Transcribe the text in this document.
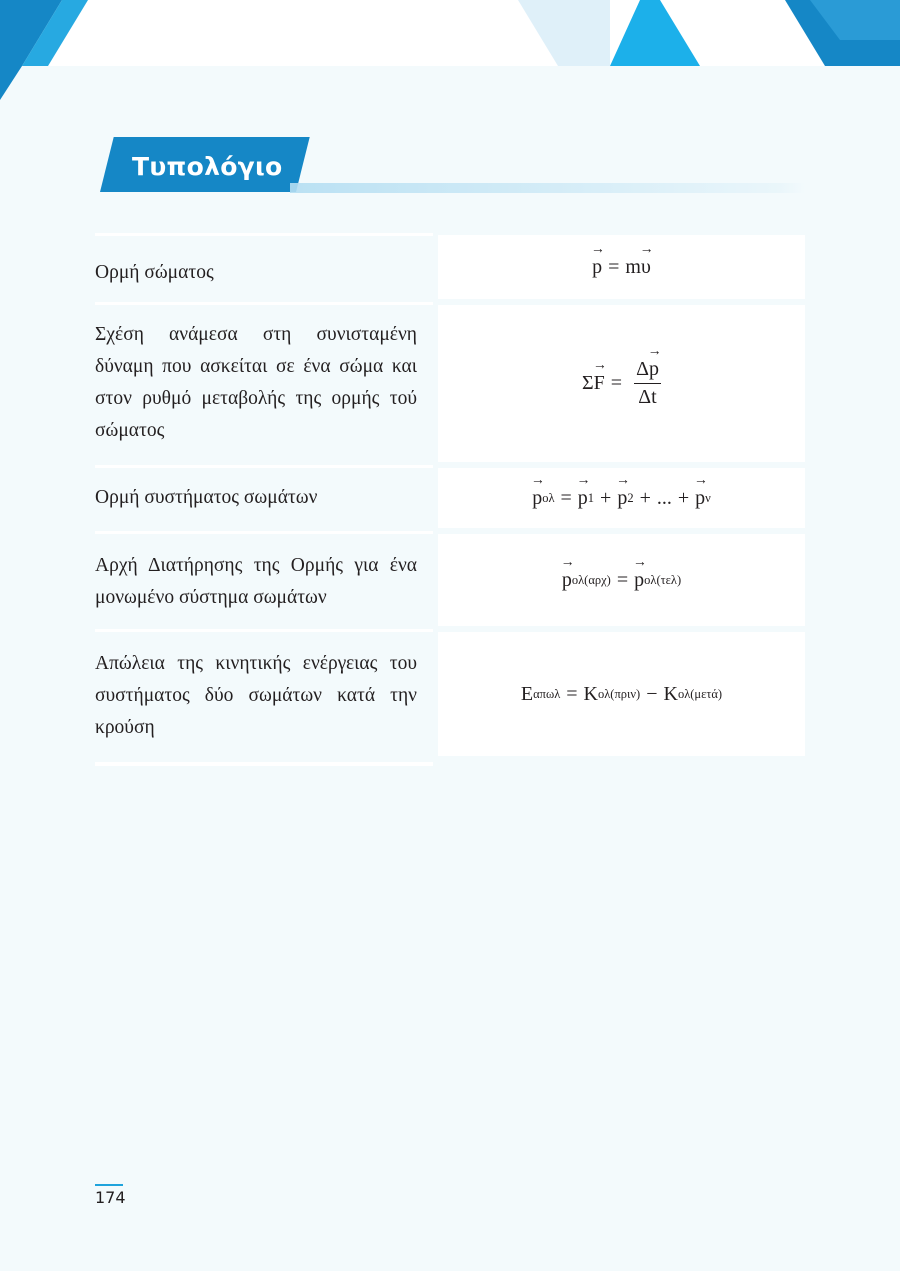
Τυπολόγιο
Ορμή σώματος	p → = m υ →
Σχέση ανάμεσα στη συνισταμένη δύναμη που ασκείται σε ένα σώμα και στον ρυθμό μεταβολής της ορμής τού σώματος
Σ F → = $\frac{\Delta p \to}{\Delta t}$
Ορμή συστήματος σωμάτων	p → ολ = p → 1 + p → 2 + ... + p → ν
Αρχή Διατήρησης της Ορμής για ένα μονωμένο σύστημα σωμάτων
p → ολ(αρχ) = p → ολ(τελ)
Απώλεια της κινητικής ενέργειας του συστήματος δύο σωμάτων κατά την κρούση
E απωλ = K ολ(πριν) − K ολ(μετά)
174
